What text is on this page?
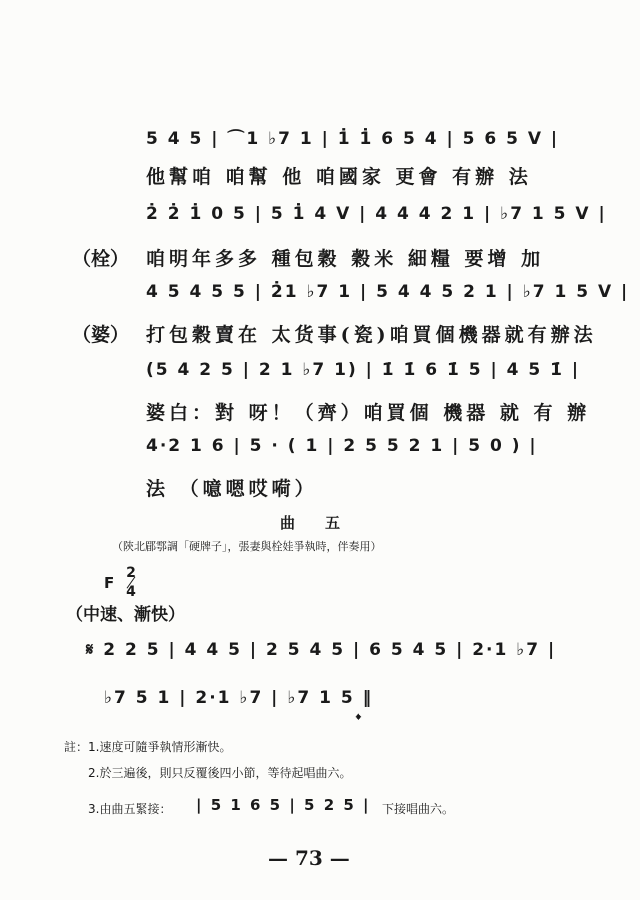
5 4 5 | ⌒1 ♭7 1 | 1̇ 1̇ 6 5 4 | 5 6 5 V |
他幫咱 咱幫 他 咱國家 更會 有辦 法
2̇ 2̇ 1̇ 0 5 | 5 1̇ 4 V | 4 4 4 2 1 | ♭7 1 5 V |
（栓） 咱明年多多 種包穀 穀米 細糧 要增 加
4 5 4 5 5 | 2̇1 ♭7 1 | 5 4 4 5 2 1 | ♭7 1 5 V |
（婆） 打包穀賣在 太货事(瓷)咱買個機器就有辦法
(5 4 2 5 | 2 1 ♭7 1) | 1̇ 1̇ 6 1̇ 5 | 4 5 1̇ |
婆白：對 呀！（齊）咱買個 機器 就 有 辦
4·2 1 6 | 5 · ( 1 | 2 5 5 2 1 | 5 0 ) |
法 （噫嗯哎嗬）
曲五
（陝北郿鄠調「硬牌子」，張妻與栓娃爭執時，伴奏用）
F
2
4
（中速、漸快）
𝄋 2 2 5 | 4 4 5 | 2 5 4 5 | 6 5 4 5 | 2·1 ♭7 |
♭7 5 1 | 2·1 ♭7 | ♭7 1 5 ‖
𝄌
註： 1.速度可隨爭執情形漸快。
2.於三遍後，則只反覆後四小節，等待起唱曲六。
3.由曲五緊接： | 5 1 6 5 | 5 2 5 | 下接唱曲六。
— 73 —
